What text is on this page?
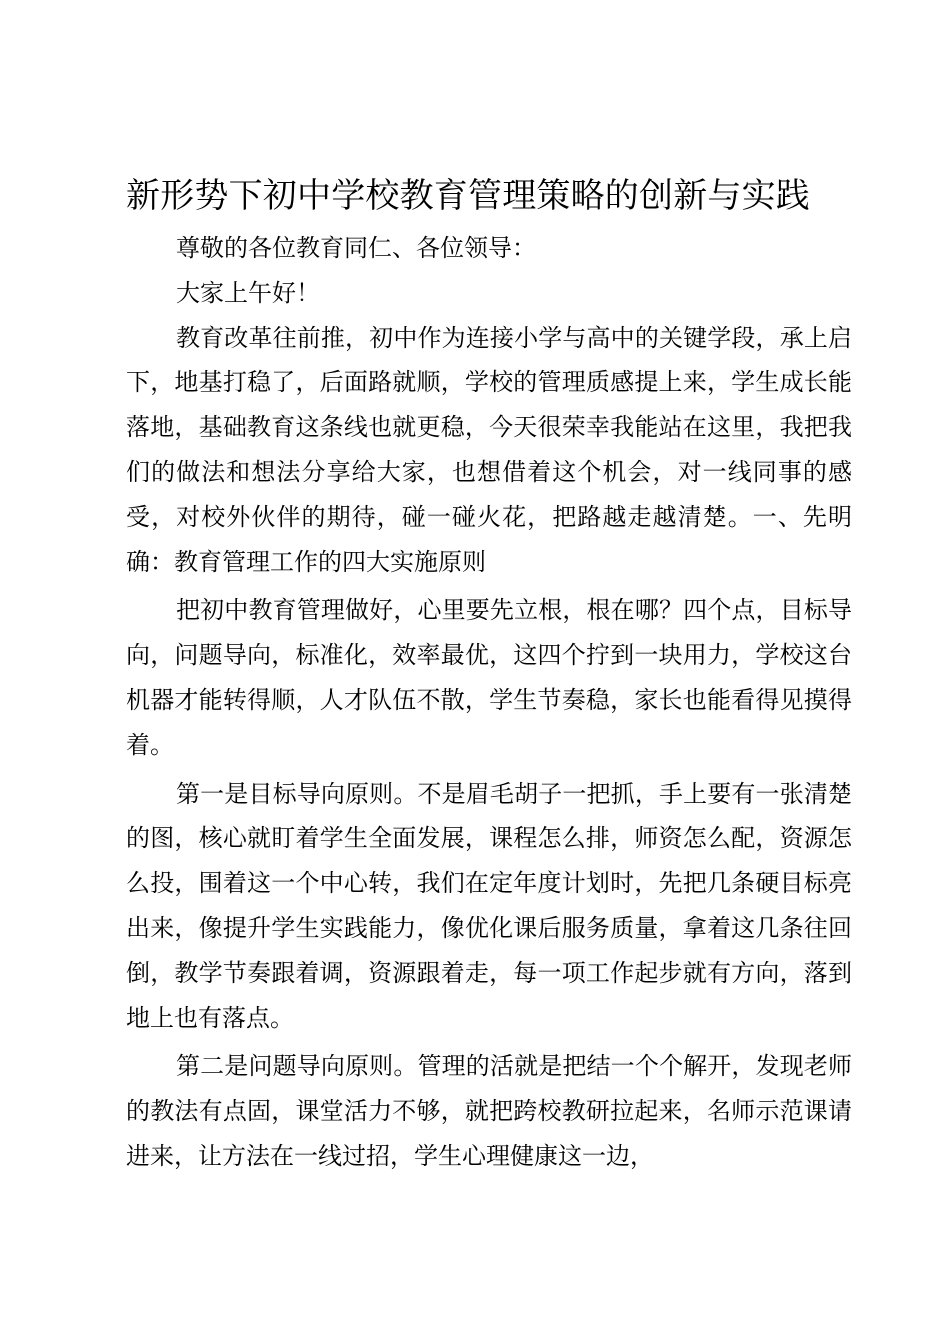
新形势下初中学校教育管理策略的创新与实践

尊敬的各位教育同仁、各位领导：

大家上午好！

教育改革往前推，初中作为连接小学与高中的关键学段，承上启下，地基打稳了，后面路就顺，学校的管理质感提上来，学生成长能落地，基础教育这条线也就更稳，今天很荣幸我能站在这里，我把我们的做法和想法分享给大家，也想借着这个机会，对一线同事的感受，对校外伙伴的期待，碰一碰火花，把路越走越清楚。一、先明确：教育管理工作的四大实施原则

把初中教育管理做好，心里要先立根，根在哪？四个点，目标导向，问题导向，标准化，效率最优，这四个拧到一块用力，学校这台机器才能转得顺，人才队伍不散，学生节奏稳，家长也能看得见摸得着。

第一是目标导向原则。不是眉毛胡子一把抓，手上要有一张清楚的图，核心就盯着学生全面发展，课程怎么排，师资怎么配，资源怎么投，围着这一个中心转，我们在定年度计划时，先把几条硬目标亮出来，像提升学生实践能力，像优化课后服务质量，拿着这几条往回倒，教学节奏跟着调，资源跟着走，每一项工作起步就有方向，落到地上也有落点。

第二是问题导向原则。管理的活就是把结一个个解开，发现老师的教法有点固，课堂活力不够，就把跨校教研拉起来，名师示范课请进来，让方法在一线过招，学生心理健康这一边，
